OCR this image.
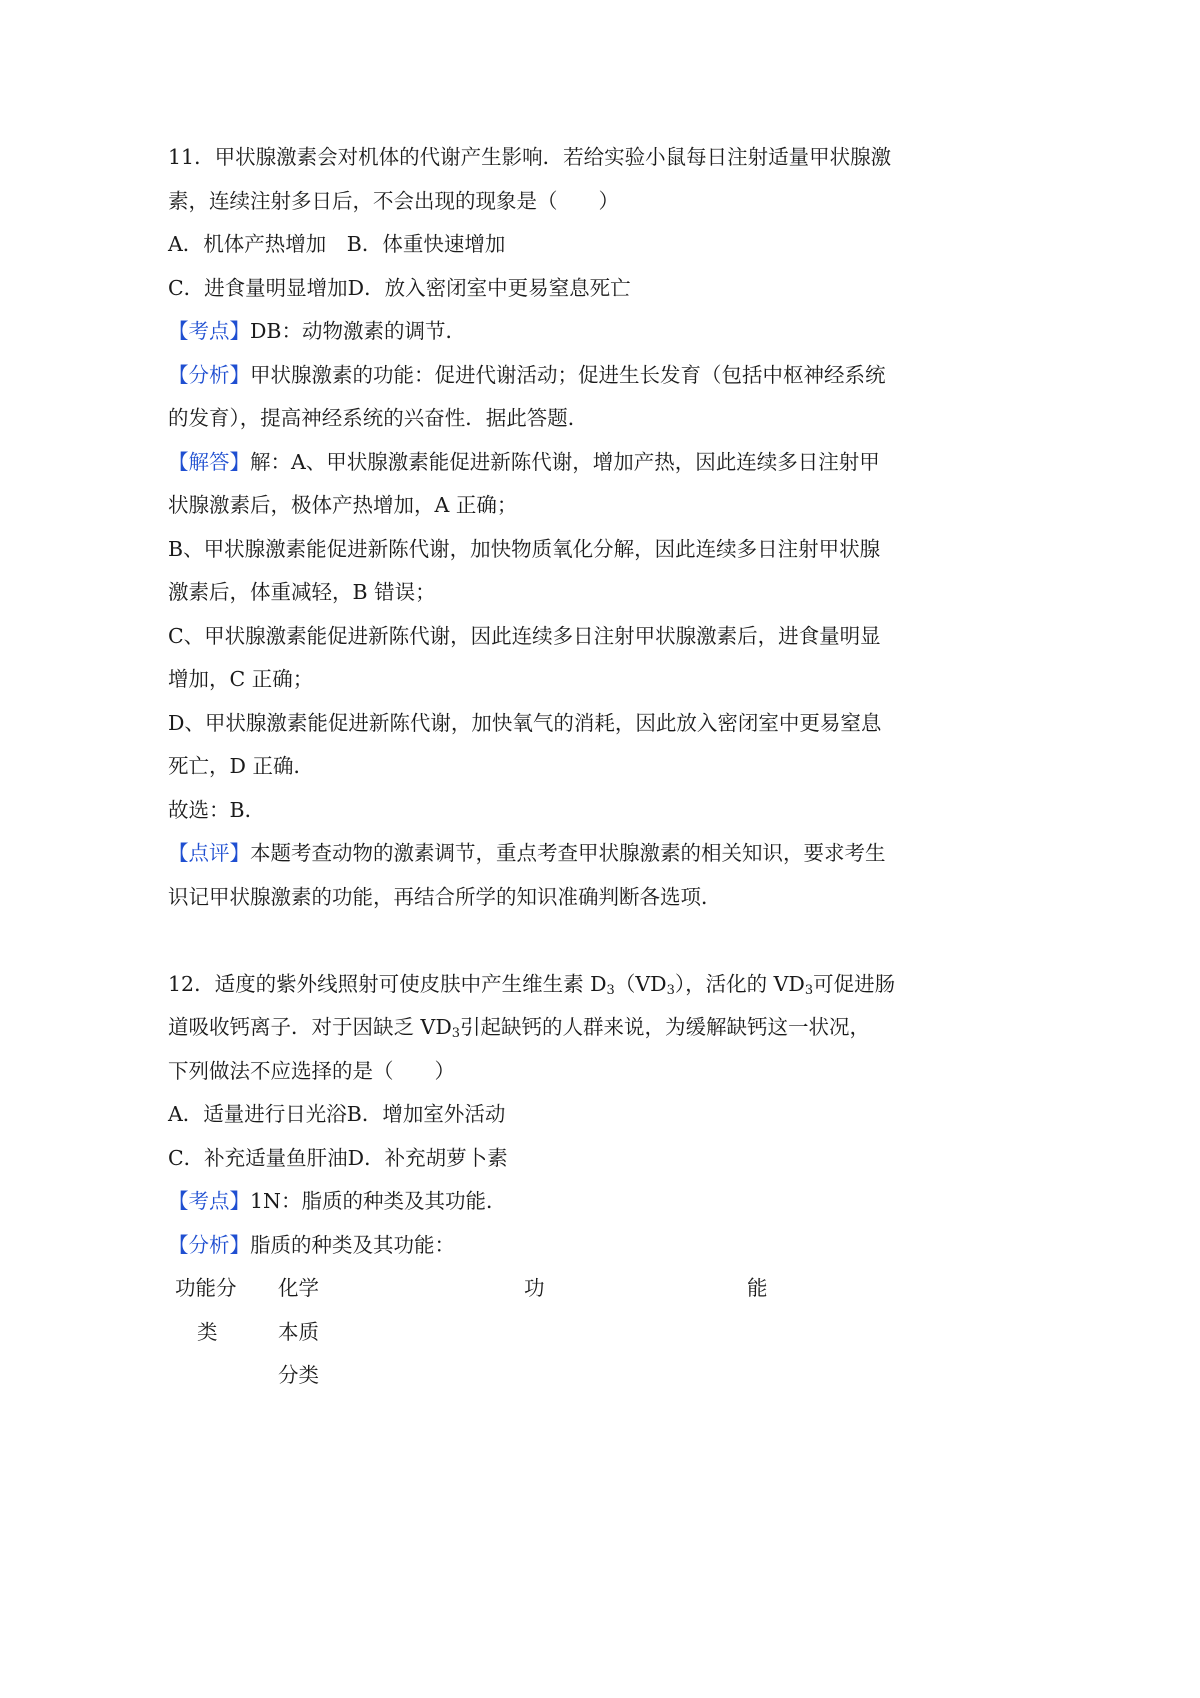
11．甲状腺激素会对机体的代谢产生影响．若给实验小鼠每日注射适量甲状腺激
素，连续注射多日后，不会出现的现象是（　　）
A．机体产热增加　B．体重快速增加
C．进食量明显增加D．放入密闭室中更易窒息死亡
【考点】DB：动物激素的调节．
【分析】甲状腺激素的功能：促进代谢活动；促进生长发育（包括中枢神经系统
的发育），提高神经系统的兴奋性．据此答题．
【解答】解：A、甲状腺激素能促进新陈代谢，增加产热，因此连续多日注射甲
状腺激素后，极体产热增加，A 正确；
B、甲状腺激素能促进新陈代谢，加快物质氧化分解，因此连续多日注射甲状腺
激素后，体重减轻，B 错误；
C、甲状腺激素能促进新陈代谢，因此连续多日注射甲状腺激素后，进食量明显
增加，C 正确；
D、甲状腺激素能促进新陈代谢，加快氧气的消耗，因此放入密闭室中更易窒息
死亡，D 正确．
故选：B．
【点评】本题考查动物的激素调节，重点考查甲状腺激素的相关知识，要求考生
识记甲状腺激素的功能，再结合所学的知识准确判断各选项．
12．适度的紫外线照射可使皮肤中产生维生素 $D_3(VD_3)$，活化的 $VD_3$可促进肠
道吸收钙离子．对于因缺乏 $VD_3$引起缺钙的人群来说，为缓解缺钙这一状况，
下列做法不应选择的是（　　）
A．适量进行日光浴B．增加室外活动
C．补充适量鱼肝油D．补充胡萝卜素
【考点】1N：脂质的种类及其功能．
【分析】脂质的种类及其功能：
功能分
类
化学
本质
分类
功	能
